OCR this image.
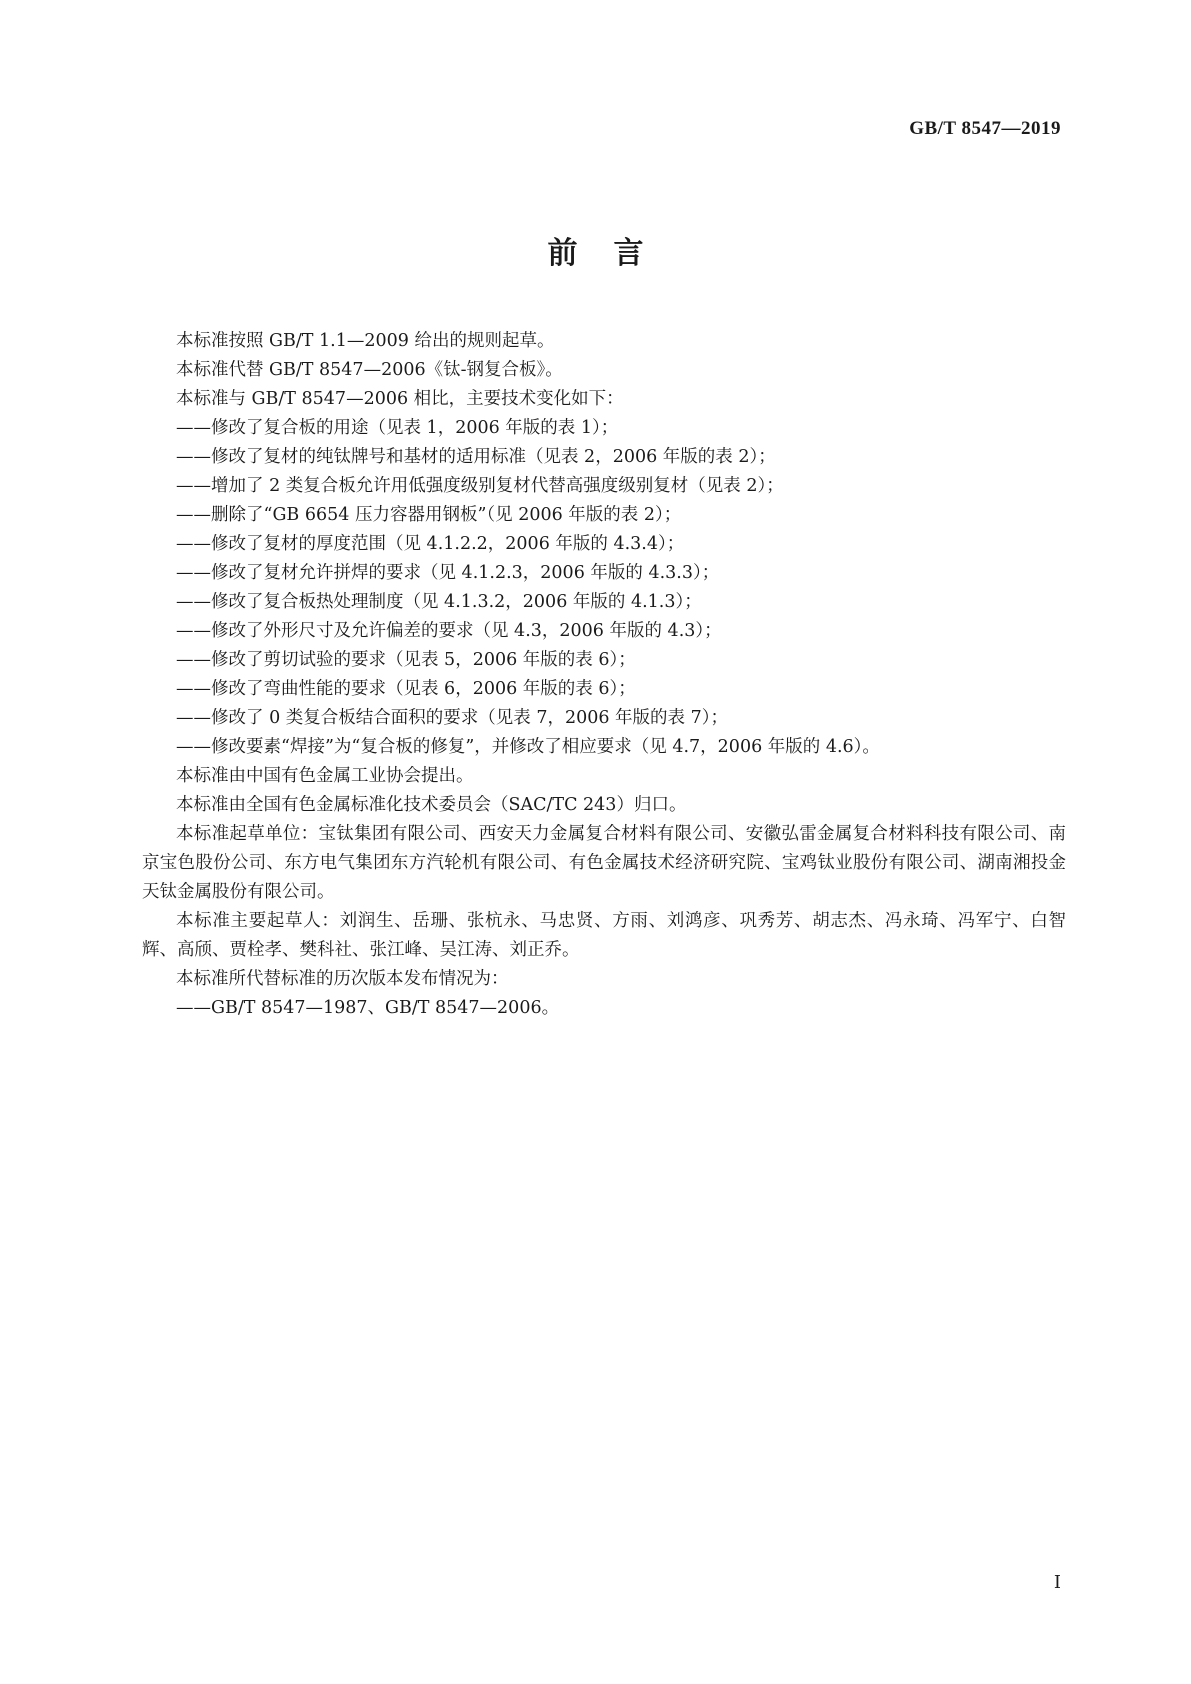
GB/T 8547—2019

前言

本标准按照 GB/T 1.1—2009 给出的规则起草。

本标准代替 GB/T 8547—2006《钛-钢复合板》。

本标准与 GB/T 8547—2006 相比，主要技术变化如下：

——修改了复合板的用途（见表 1，2006 年版的表 1）；

——修改了复材的纯钛牌号和基材的适用标准（见表 2，2006 年版的表 2）；

——增加了 2 类复合板允许用低强度级别复材代替高强度级别复材（见表 2）；

——删除了“GB 6654 压力容器用钢板”（见 2006 年版的表 2）；

——修改了复材的厚度范围（见 4.1.2.2，2006 年版的 4.3.4）；

——修改了复材允许拼焊的要求（见 4.1.2.3，2006 年版的 4.3.3）；

——修改了复合板热处理制度（见 4.1.3.2，2006 年版的 4.1.3）；

——修改了外形尺寸及允许偏差的要求（见 4.3，2006 年版的 4.3）；

——修改了剪切试验的要求（见表 5，2006 年版的表 6）；

——修改了弯曲性能的要求（见表 6，2006 年版的表 6）；

——修改了 0 类复合板结合面积的要求（见表 7，2006 年版的表 7）；

——修改要素“焊接”为“复合板的修复”，并修改了相应要求（见 4.7，2006 年版的 4.6）。

本标准由中国有色金属工业协会提出。

本标准由全国有色金属标准化技术委员会（SAC/TC 243）归口。

本标准起草单位：宝钛集团有限公司、西安天力金属复合材料有限公司、安徽弘雷金属复合材料科技有限公司、南京宝色股份公司、东方电气集团东方汽轮机有限公司、有色金属技术经济研究院、宝鸡钛业股份有限公司、湖南湘投金天钛金属股份有限公司。

本标准主要起草人：刘润生、岳珊、张杭永、马忠贤、方雨、刘鸿彦、巩秀芳、胡志杰、冯永琦、冯军宁、白智辉、高颀、贾栓孝、樊科社、张江峰、吴江涛、刘正乔。

本标准所代替标准的历次版本发布情况为：

——GB/T 8547—1987、GB/T 8547—2006。

I
